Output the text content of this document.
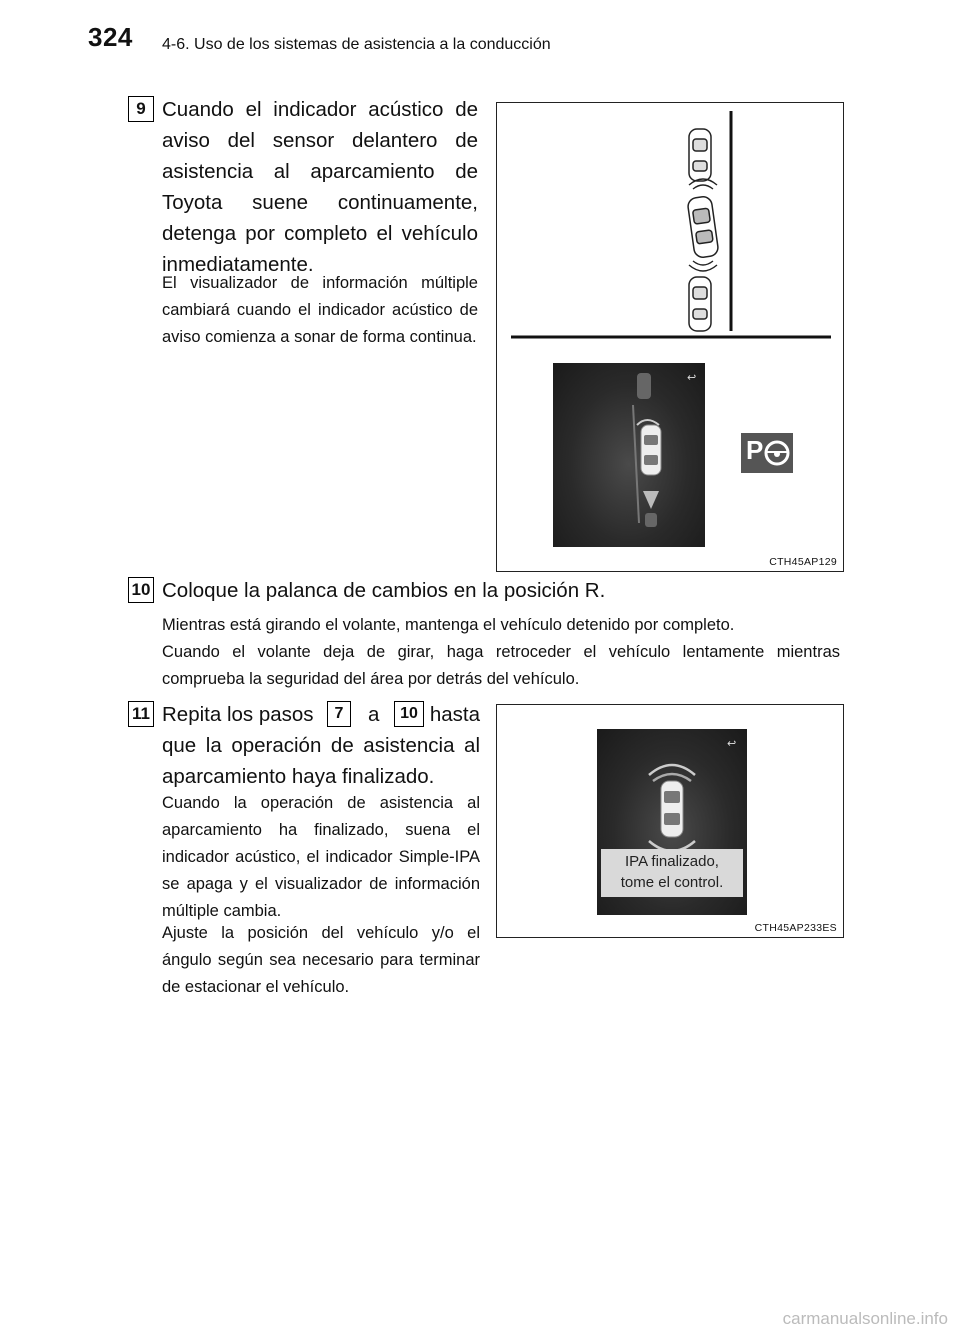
324 4-6. Uso de los sistemas de asistencia a la conducción
9 Cuando el indicador acústico de aviso del sensor delantero de asistencia al aparcamiento de Toyota suene continuamente, detenga por completo el vehículo inmediatamente.
El visualizador de información múltiple cambiará cuando el indicador acústico de aviso comienza a sonar de forma continua.
↩
P
CTH45AP129
10 Coloque la palanca de cambios en la posición R.
Mientras está girando el volante, mantenga el vehículo detenido por completo.
Cuando el volante deja de girar, haga retroceder el vehículo lentamente mientras comprueba la seguridad del área por detrás del vehículo.
11 Repita los pasos	7	a	10 hasta
que la operación de asistencia al aparcamiento haya finalizado.
Cuando la operación de asistencia al aparcamiento ha finalizado, suena el indicador acústico, el indicador Simple-IPA se apaga y el visualizador de información múltiple cambia.
Ajuste la posición del vehículo y/o el ángulo según sea necesario para terminar de estacionar el vehículo.
↩
IPA finalizado,
tome el control.
CTH45AP233ES
carmanualsonline.info
